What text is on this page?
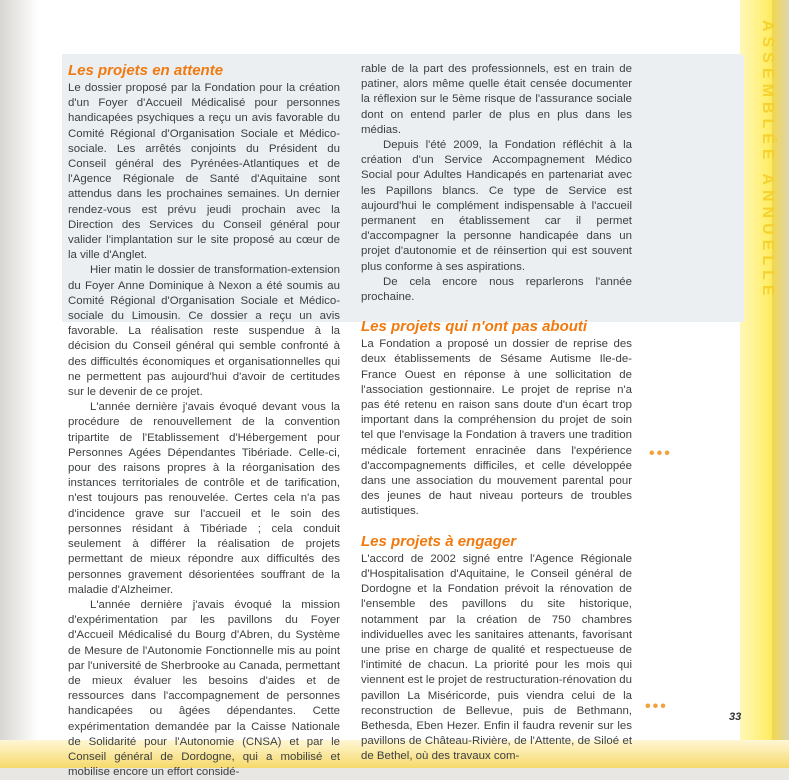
ASSEMBLÉE ANNUELLE
Les projets en attente

Le dossier proposé par la Fondation pour la création d'un Foyer d'Accueil Médicalisé pour personnes handicapées psychiques a reçu un avis favorable du Comité Régional d'Organisation Sociale et Médico-sociale. Les arrêtés conjoints du Président du Conseil général des Pyrénées-Atlantiques et de l'Agence Régionale de Santé d'Aquitaine sont attendus dans les prochaines semaines. Un dernier rendez-vous est prévu jeudi prochain avec la Direction des Services du Conseil général pour valider l'implantation sur le site proposé au cœur de la ville d'Anglet.

Hier matin le dossier de transformation-extension du Foyer Anne Dominique à Nexon a été soumis au Comité Régional d'Organisation Sociale et Médico-sociale du Limousin. Ce dossier a reçu un avis favorable. La réalisation reste suspendue à la décision du Conseil général qui semble confronté à des difficultés économiques et organisationnelles qui ne permettent pas aujourd'hui d'avoir de certitudes sur le devenir de ce projet.

L'année dernière j'avais évoqué devant vous la procédure de renouvellement de la convention tripartite de l'Etablissement d'Hébergement pour Personnes Agées Dépendantes Tibériade. Celle-ci, pour des raisons propres à la réorganisation des instances territoriales de contrôle et de tarification, n'est toujours pas renouvelée. Certes cela n'a pas d'incidence grave sur l'accueil et le soin des personnes résidant à Tibériade ; cela conduit seulement à différer la réalisation de projets permettant de mieux répondre aux difficultés des personnes gravement désorientées souffrant de la maladie d'Alzheimer.

L'année dernière j'avais évoqué la mission d'expérimentation par les pavillons du Foyer d'Accueil Médicalisé du Bourg d'Abren, du Système de Mesure de l'Autonomie Fonctionnelle mis au point par l'université de Sherbrooke au Canada, permettant de mieux évaluer les besoins d'aides et de ressources dans l'accompagnement de personnes handicapées ou âgées dépendantes. Cette expérimentation demandée par la Caisse Nationale de Solidarité pour l'Autonomie (CNSA) et par le Conseil général de Dordogne, qui a mobilisé et mobilise encore un effort considé-

rable de la part des professionnels, est en train de patiner, alors même quelle était censée documenter la réflexion sur le 5ème risque de l'assurance sociale dont on entend parler de plus en plus dans les médias.

Depuis l'été 2009, la Fondation réfléchit à la création d'un Service Accompagnement Médico Social pour Adultes Handicapés en partenariat avec les Papillons blancs. Ce type de Service est aujourd'hui le complément indispensable à l'accueil permanent en établissement car il permet d'accompagner la personne handicapée dans un projet d'autonomie et de réinsertion qui est souvent plus conforme à ses aspirations.

De cela encore nous reparlerons l'année prochaine.

Les projets qui n'ont pas abouti

La Fondation a proposé un dossier de reprise des deux établissements de Sésame Autisme Ile-de-France Ouest en réponse à une sollicitation de l'association gestionnaire. Le projet de reprise n'a pas été retenu en raison sans doute d'un écart trop important dans la compréhension du projet de soin tel que l'envisage la Fondation à travers une tradition médicale fortement enracinée dans l'expérience d'accompagnements difficiles, et celle développée dans une association du mouvement parental pour des jeunes de haut niveau porteurs de troubles autistiques.

Les projets à engager

L'accord de 2002 signé entre l'Agence Régionale d'Hospitalisation d'Aquitaine, le Conseil général de Dordogne et la Fondation prévoit la rénovation de l'ensemble des pavillons du site historique, notamment par la création de 750 chambres individuelles avec les sanitaires attenants, favorisant une prise en charge de qualité et respectueuse de l'intimité de chacun. La priorité pour les mois qui viennent est le projet de restructuration-rénovation du pavillon La Miséricorde, puis viendra celui de la reconstruction de Bellevue, puis de Bethmann, Bethesda, Eben Hezer. Enfin il faudra revenir sur les pavillons de Château-Rivière, de l'Attente, de Siloé et de Bethel, où des travaux com-

•••
•••
33
